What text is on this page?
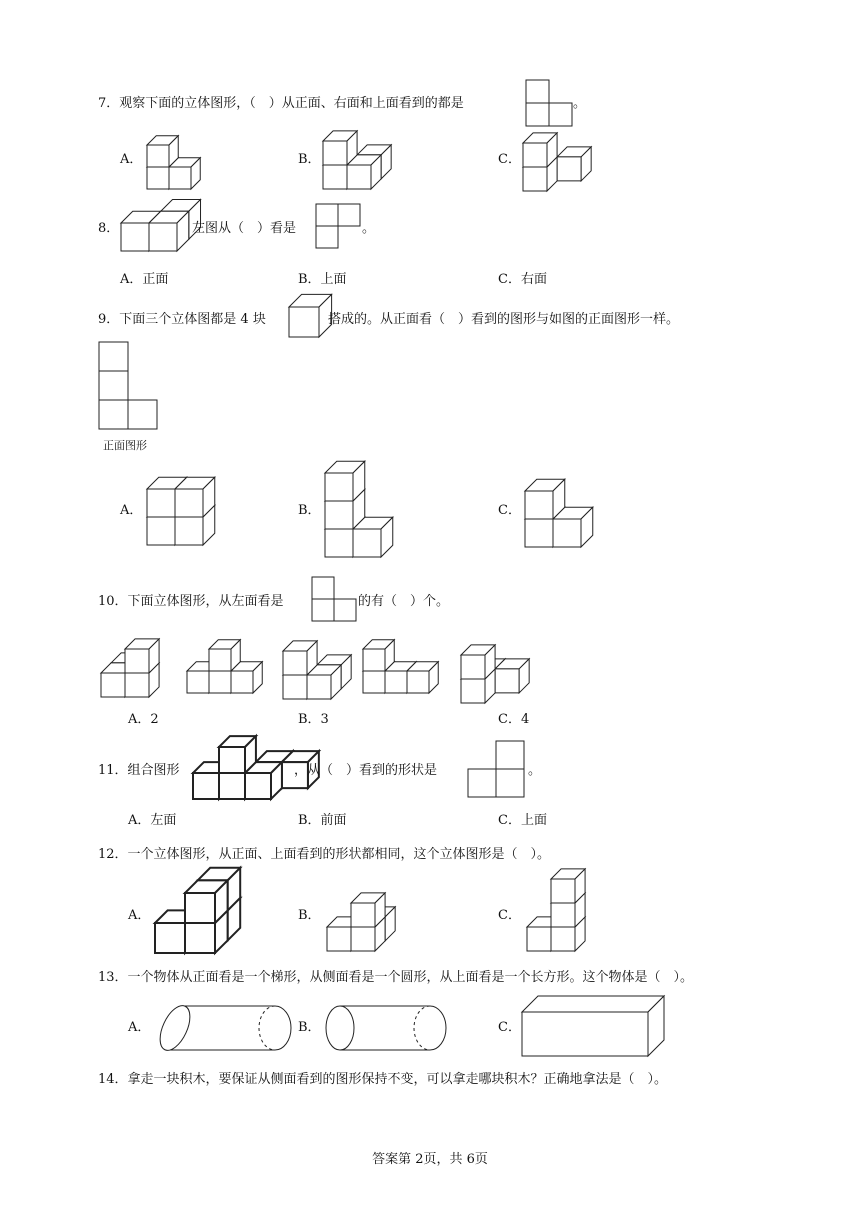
7．观察下面的立体图形，（　）从正面、右面和上面看到的都是	。
A．	B．	C．
8．	左图从（　）看是	。
A．正面	B．上面	C．右面
9．下面三个立体图都是 4 块	搭成的。从正面看（　）看到的图形与如图的正面图形一样。
正面图形
A．	B．	C．
10．下面立体图形，从左面看是	的有（　）个。
A．2	B．3	C．4
11．组合图形	，从（　）看到的形状是	。
A．左面	B．前面	C．上面
12．一个立体图形，从正面、上面看到的形状都相同，这个立体图形是（　）。
A．	B．	C．
13．一个物体从正面看是一个梯形，从侧面看是一个圆形，从上面看是一个长方形。这个物体是（　）。
A．	B．	C．
14．拿走一块积木，要保证从侧面看到的图形保持不变，可以拿走哪块积木？正确地拿法是（　）。
答案第 2页，共 6页
